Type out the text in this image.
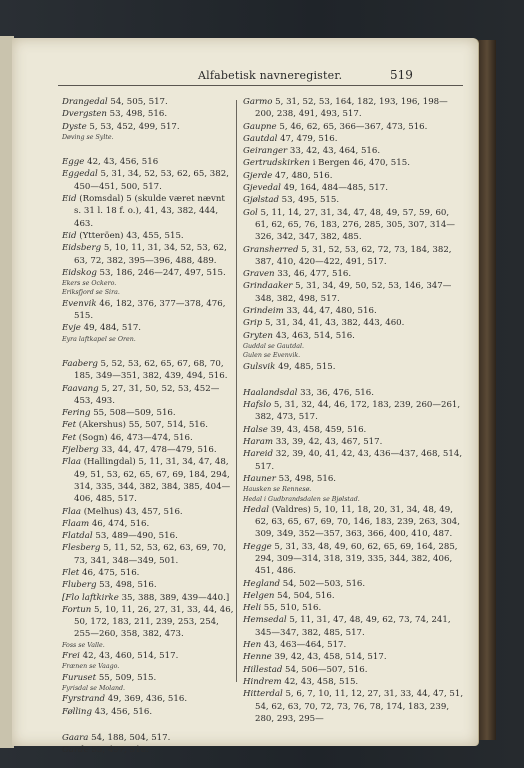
Alfabetisk navneregister.	519

Drangedal 54, 505, 517.

Dvergsten 53, 498, 516.

Dyste 5, 53, 452, 499, 517.

Døving se Sylte.

Egge 42, 43, 456, 516

Eggedal 5, 31, 34, 52, 53, 62, 65, 382, 450—451, 500, 517.

Eid (Romsdal) 5 (skulde været nævnt s. 31 l. 18 f. o.), 41, 43, 382, 444, 463.

Eid (Ytteröen) 43, 455, 515.

Eidsberg 5, 10, 11, 31, 34, 52, 53, 62, 63, 72, 382, 395—396, 488, 489.

Eidskog 53, 186, 246—247, 497, 515.

Ekers se Ockero.

Eriksfjord se Sira.

Evenvik 46, 182, 376, 377—378, 476, 515.

Evje 49, 484, 517.

Eyra laftkapel se Oren.

Faaberg 5, 52, 53, 62, 65, 67, 68, 70, 185, 349—351, 382, 439, 494, 516.

Faavang 5, 27, 31, 50, 52, 53, 452—453, 493.

Fering 55, 508—509, 516.

Fet (Akershus) 55, 507, 514, 516.

Fet (Sogn) 46, 473—474, 516.

Fjelberg 33, 44, 47, 478—479, 516.

Flaa (Hallingdal) 5, 11, 31, 34, 47, 48, 49, 51, 53, 62, 65, 67, 69, 184, 294, 314, 335, 344, 382, 384, 385, 404—406, 485, 517.

Flaa (Melhus) 43, 457, 516.

Flaam 46, 474, 516.

Flatdal 53, 489—490, 516.

Flesberg 5, 11, 52, 53, 62, 63, 69, 70, 73, 341, 348—349, 501.

Flet 46, 475, 516.

Fluberg 53, 498, 516.

[Flo laftkirke 35, 388, 389, 439—440.]

Fortun 5, 10, 11, 26, 27, 31, 33, 44, 46, 50, 172, 183, 211, 239, 253, 254, 255—260, 358, 382, 473.

Foss se Valle.

Frei 42, 43, 460, 514, 517.

Frænen se Vaago.

Furuset 55, 509, 515.

Fyrisdal se Moland.

Fyrstrand 49, 369, 436, 516.

Følling 43, 456, 516.

Gaara 54, 188, 504, 517.

Garde 53, 497, 516.

Garmo 5, 31, 52, 53, 164, 182, 193, 196, 198—200, 238, 491, 493, 517.

Gaupne 5, 46, 62, 65, 366—367, 473, 516.

Gautdal 47, 479, 516.

Geiranger 33, 42, 43, 464, 516.

Gertrudskirken i Bergen 46, 470, 515.

Gjerde 47, 480, 516.

Gjevedal 49, 164, 484—485, 517.

Gjølstad 53, 495, 515.

Gol 5, 11, 14, 27, 31, 34, 47, 48, 49, 57, 59, 60, 61, 62, 65, 76, 183, 276, 285, 305, 307, 314—326, 342, 347, 382, 485.

Gransherred 5, 31, 52, 53, 62, 72, 73, 184, 382, 387, 410, 420—422, 491, 517.

Graven 33, 46, 477, 516.

Grindaaker 5, 31, 34, 49, 50, 52, 53, 146, 347—348, 382, 498, 517.

Grindeim 33, 44, 47, 480, 516.

Grip 5, 31, 34, 41, 43, 382, 443, 460.

Gryten 43, 463, 514, 516.

Guddal se Gautdal.

Gulen se Evenvik.

Gulsvik 49, 485, 515.

Haalandsdal 33, 36, 476, 516.

Hafslo 5, 31, 32, 44, 46, 172, 183, 239, 260—261, 382, 473, 517.

Halse 39, 43, 458, 459, 516.

Haram 33, 39, 42, 43, 467, 517.

Hareid 32, 39, 40, 41, 42, 43, 436—437, 468, 514, 517.

Hauner 53, 498, 516.

Hausken se Rennesø.

Hedal i Gudbrandsdalen se Bjølstad.

Hedal (Valdres) 5, 10, 11, 18, 20, 31, 34, 48, 49, 62, 63, 65, 67, 69, 70, 146, 183, 239, 263, 304, 309, 349, 352—357, 363, 366, 400, 410, 487.

Hegge 5, 31, 33, 48, 49, 60, 62, 65, 69, 164, 285, 294, 309—314, 318, 319, 335, 344, 382, 406, 451, 486.

Hegland 54, 502—503, 516.

Helgen 54, 504, 516.

Heli 55, 510, 516.

Hemsedal 5, 11, 31, 47, 48, 49, 62, 73, 74, 241, 345—347, 382, 485, 517.

Hen 43, 463—464, 517.

Henne 39, 42, 43, 458, 514, 517.

Hillestad 54, 506—507, 516.

Hindrem 42, 43, 458, 515.

Hitterdal 5, 6, 7, 10, 11, 12, 27, 31, 33, 44, 47, 51, 54, 62, 63, 70, 72, 73, 76, 78, 174, 183, 239, 280, 293, 295—
